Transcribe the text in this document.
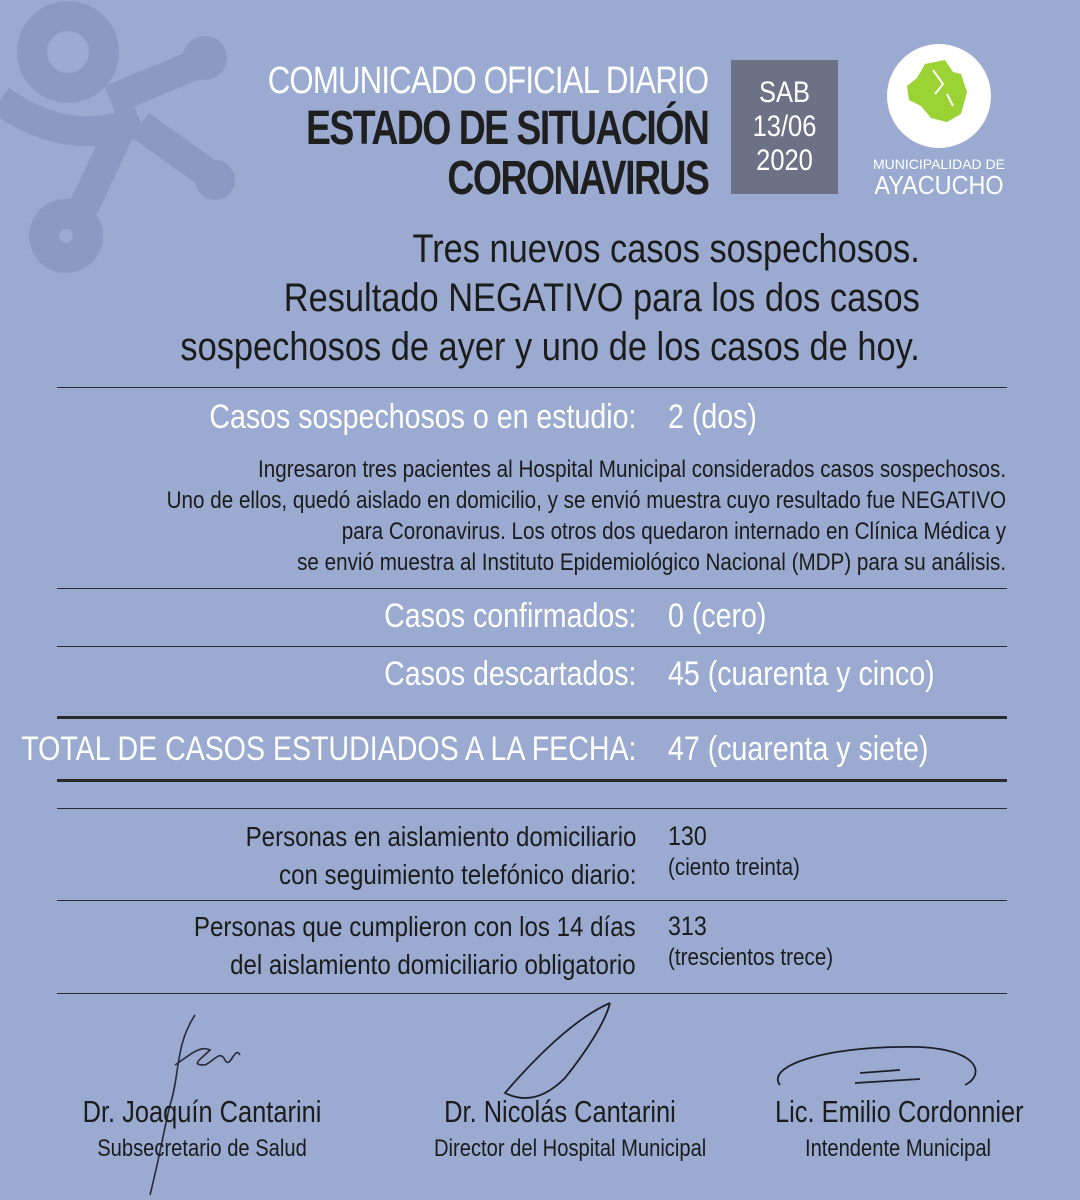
COMUNICADO OFICIAL DIARIO
ESTADO DE SITUACIÓN
CORONAVIRUS
SAB
13/06
2020	MUNICIPALIDAD DE
AYACUCHO
Tres nuevos casos sospechosos.
Resultado NEGATIVO para los dos casos
sospechosos de ayer y uno de los casos de hoy.
Casos sospechosos o en estudio: 2 (dos)
Ingresaron tres pacientes al Hospital Municipal considerados casos sospechosos.
Uno de ellos, quedó aislado en domicilio, y se envió muestra cuyo resultado fue NEGATIVO
para Coronavirus. Los otros dos quedaron internado en Clínica Médica y
se envió muestra al Instituto Epidemiológico Nacional (MDP) para su análisis.
Casos confirmados: 0 (cero)
Casos descartados: 45 (cuarenta y cinco)
TOTAL DE CASOS ESTUDIADOS A LA FECHA: 47 (cuarenta y siete)
Personas en aislamiento domiciliario
con seguimiento telefónico diario:
130
(ciento treinta)
Personas que cumplieron con los 14 días
del aislamiento domiciliario obligatorio
313
(trescientos trece)
Dr. Joaquín Cantarini
Subsecretario de Salud
Dr. Nicolás Cantarini
Director del Hospital Municipal
Lic. Emilio Cordonnier
Intendente Municipal
